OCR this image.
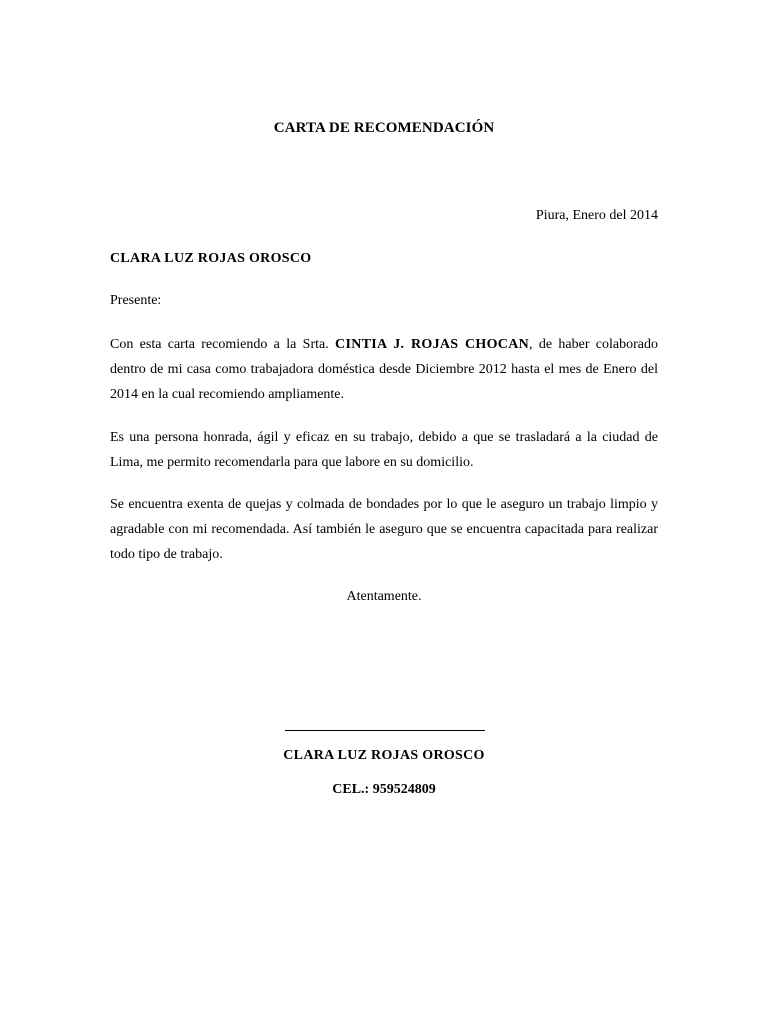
CARTA DE RECOMENDACIÓN
Piura, Enero del 2014
CLARA LUZ ROJAS OROSCO
Presente:
Con esta carta recomiendo a la Srta. CINTIA J. ROJAS CHOCAN, de haber colaborado dentro de mi casa como trabajadora doméstica desde Diciembre 2012 hasta el mes de Enero del 2014 en la cual recomiendo ampliamente.
Es una persona honrada, ágil y eficaz en su trabajo, debido a que se trasladará a la ciudad de Lima, me permito recomendarla para que labore en su domicilio.
Se encuentra exenta de quejas y colmada de bondades por lo que le aseguro un trabajo limpio y agradable con mi recomendada. Así también le aseguro que se encuentra capacitada para realizar todo tipo de trabajo.
Atentamente.
CLARA LUZ ROJAS OROSCO
CEL.: 959524809
